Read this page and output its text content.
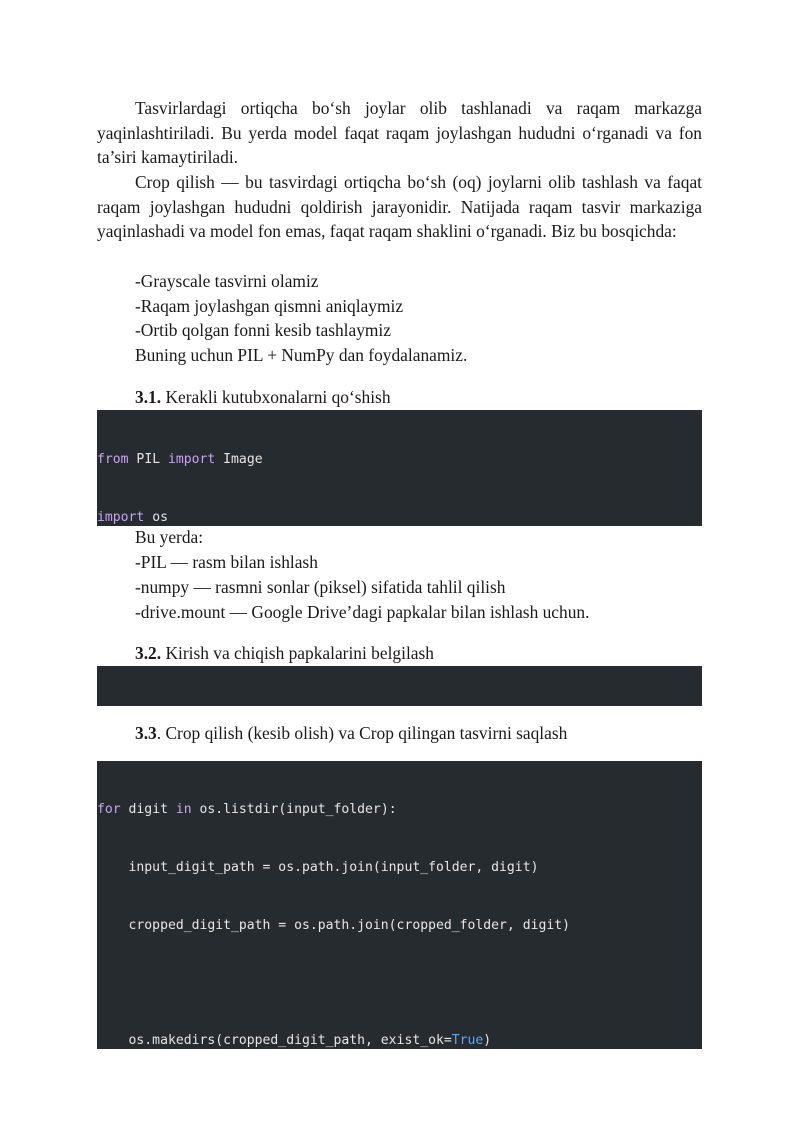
Tasvirlardagi ortiqcha bo‘sh joylar olib tashlanadi va raqam markazga yaqinlashtiriladi. Bu yerda model faqat raqam joylashgan hududni o‘rganadi va fon ta’siri kamaytiriladi.

Crop qilish — bu tasvirdagi ortiqcha bo‘sh (oq) joylarni olib tashlash va faqat raqam joylashgan hududni qoldirish jarayonidir. Natijada raqam tasvir markaziga yaqinlashadi va model fon emas, faqat raqam shaklini o‘rganadi. Biz bu bosqichda:

-Grayscale tasvirni olamiz

-Raqam joylashgan qismni aniqlaymiz

-Ortib qolgan fonni kesib tashlaymiz

Buning uchun PIL + NumPy dan foydalanamiz.

3.1. Kerakli kutubxonalarni qo‘shish

from PIL import Image

import os

Bu yerda:

-PIL — rasm bilan ishlash

-numpy — rasmni sonlar (piksel) sifatida tahlil qilish

-drive.mount — Google Drive’dagi papkalar bilan ishlash uchun.

3.2. Kirish va chiqish papkalarini belgilash

3.3. Crop qilish (kesib olish) va Crop qilingan tasvirni saqlash

for digit in os.listdir(input_folder):

input_digit_path = os.path.join(input_folder, digit)

cropped_digit_path = os.path.join(cropped_folder, digit)

os.makedirs(cropped_digit_path, exist_ok=True)
